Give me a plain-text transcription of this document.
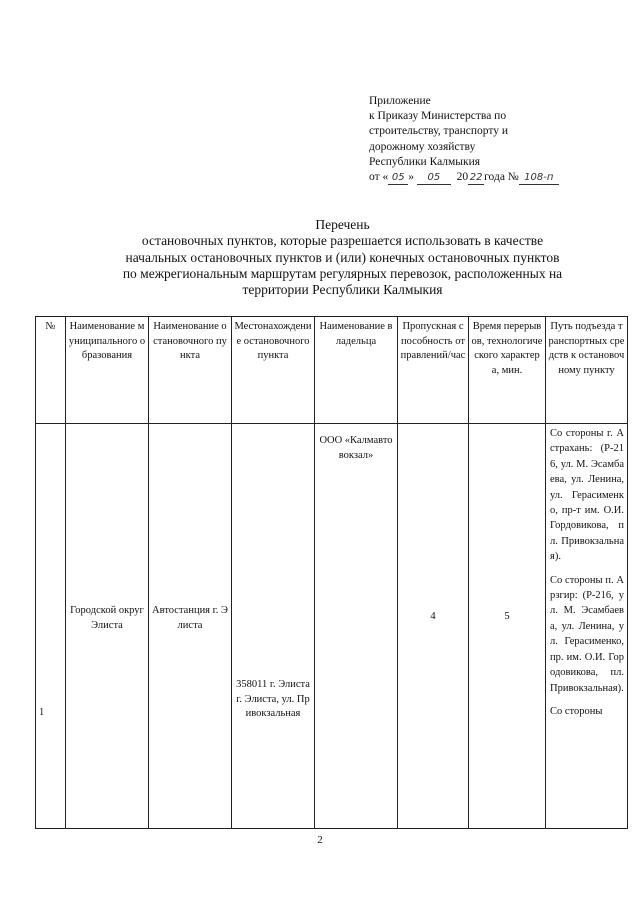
Приложение
к Приказу Министерства по
строительству, транспорту и
дорожному хозяйству
Республики Калмыкия
от « 05 » 05 20 22 года № 108-п
Перечень
остановочных пунктов, которые разрешается использовать в качестве
начальных остановочных пунктов и (или) конечных остановочных пунктов
по межрегиональным маршрутам регулярных перевозок, расположенных на
территории Республики Калмыкия
№	Наименование муниципального образования	Наименование остановочного пункта	Местонахождение остановочного пункта	Наименование владельца	Пропускная способность отправлений/час	Время перерывов, технологического характера, мин.	Путь подъезда транспортных средств к остановочному пункту

1	Городской округ Элиста	Автостанция г. Элиста	358011 г. Элиста г. Элиста, ул. Привокзальная	ООО «Калмавтовокзал»	4	5	Со стороны г. Астрахань: (Р-216, ул. М. Эсамбаева, ул. Ленина, ул. Герасименко, пр-т им. О.И. Гордовикова, пл. Привокзальная).

Со стороны п. Арзгир: (Р-216, ул. М. Эсамбаева, ул. Ленина, ул. Герасименко, пр. им. О.И. Городовикова, пл. Привокзальная).

Со стороны

2
